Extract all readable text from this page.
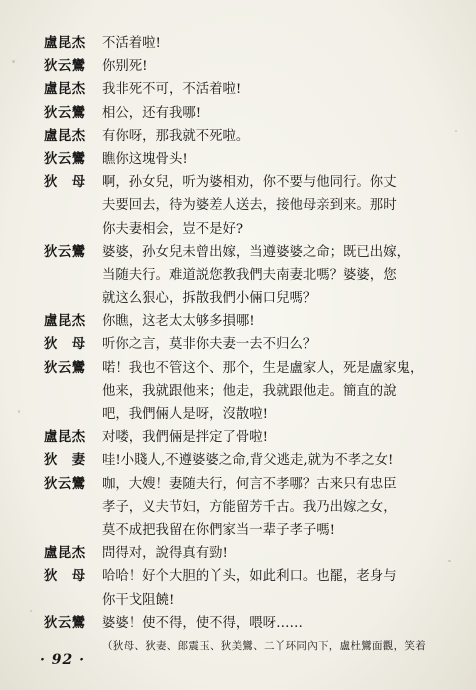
盧昆杰 不活着啦!
狄云鸞 你别死!
盧昆杰 我非死不可，不活着啦!
狄云鸞 相公，还有我哪!
盧昆杰 有你呀，那我就不死啦。
狄云鸞 瞧你这塊骨头!
狄　母 啊，孙女兒，听为婆相劝，你不要与他同行。你丈
夫要回去，待为婆差人送去，接他母亲到来。那时
你夫妻相会，豈不是好?
狄云鸞 婆婆，孙女兒未曾出嫁，当遵婆婆之命；既已出嫁，
当随夫行。难道説您教我們夫南妻北嗎？婆婆，您
就这么狠心，拆散我們小倆口兒嗎？
盧昆杰 你瞧，这老太太够多損哪!
狄　母 听你之言，莫非你夫妻一去不归么？
狄云鸞 喏！我也不管这个、那个，生是盧家人，死是盧家鬼，
他来，我就跟他来；他走，我就跟他走。簡直的說
吧，我們倆人是呀，沒散啦!
盧昆杰 对喽，我們倆是拌定了骨啦!
狄　妻 哇!小賤人,不遵婆婆之命,背父逃走,就为不孝之女!
狄云鸞 咖，大嫂！妻随夫行，何言不孝哪？古来只有忠臣
孝子，义夫节妇，方能留芳千古。我乃出嫁之女，
莫不成把我留在你們家当一辈子孝子嗎!
盧昆杰 問得对，說得真有勁!
狄　母 哈哈！好个大胆的丫头，如此利口。也罷，老身与
你干戈阻饒!
狄云鸞 婆婆！使不得，使不得，喂呀……
（狄母、狄妻、郎震玉、狄美鸞、二丫环同內下，盧杜鸞面觀，笑着
· 92 ·
